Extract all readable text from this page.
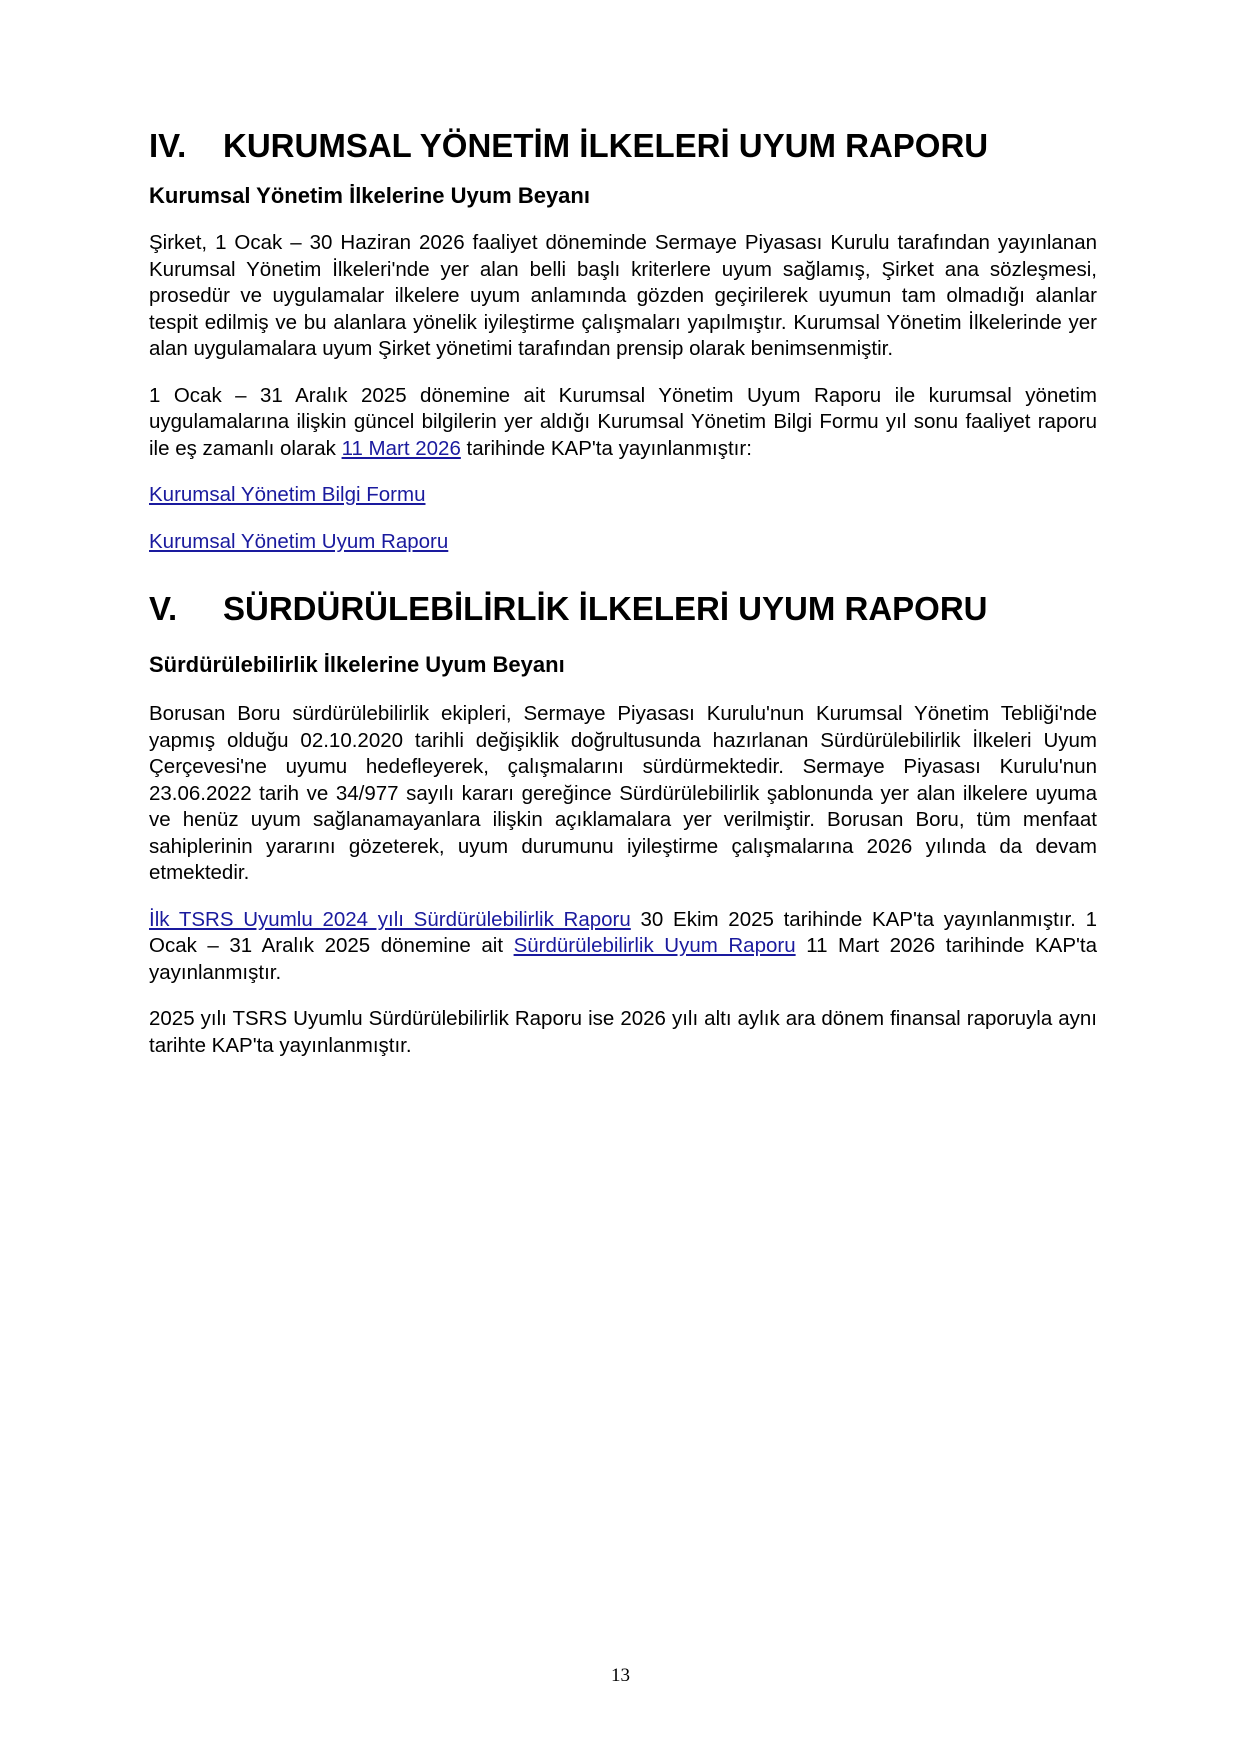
IV.	KURUMSAL YÖNETİM İLKELERİ UYUM RAPORU
Kurumsal Yönetim İlkelerine Uyum Beyanı

Şirket, 1 Ocak – 30 Haziran 2026 faaliyet döneminde Sermaye Piyasası Kurulu tarafından yayınlanan Kurumsal Yönetim İlkeleri'nde yer alan belli başlı kriterlere uyum sağlamış, Şirket ana sözleşmesi, prosedür ve uygulamalar ilkelere uyum anlamında gözden geçirilerek uyumun tam olmadığı alanlar tespit edilmiş ve bu alanlara yönelik iyileştirme çalışmaları yapılmıştır. Kurumsal Yönetim İlkelerinde yer alan uygulamalara uyum Şirket yönetimi tarafından prensip olarak benimsenmiştir.

1 Ocak – 31 Aralık 2025 dönemine ait Kurumsal Yönetim Uyum Raporu ile kurumsal yönetim uygulamalarına ilişkin güncel bilgilerin yer aldığı Kurumsal Yönetim Bilgi Formu yıl sonu faaliyet raporu ile eş zamanlı olarak 11 Mart 2026 tarihinde KAP'ta yayınlanmıştır:

Kurumsal Yönetim Bilgi Formu

Kurumsal Yönetim Uyum Raporu

V.	SÜRDÜRÜLEBİLİRLİK İLKELERİ UYUM RAPORU
Sürdürülebilirlik İlkelerine Uyum Beyanı

Borusan Boru sürdürülebilirlik ekipleri, Sermaye Piyasası Kurulu'nun Kurumsal Yönetim Tebliği'nde yapmış olduğu 02.10.2020 tarihli değişiklik doğrultusunda hazırlanan Sürdürülebilirlik İlkeleri Uyum Çerçevesi'ne uyumu hedefleyerek, çalışmalarını sürdürmektedir. Sermaye Piyasası Kurulu'nun 23.06.2022 tarih ve 34/977 sayılı kararı gereğince Sürdürülebilirlik şablonunda yer alan ilkelere uyuma ve henüz uyum sağlanamayanlara ilişkin açıklamalara yer verilmiştir. Borusan Boru, tüm menfaat sahiplerinin yararını gözeterek, uyum durumunu iyileştirme çalışmalarına 2026 yılında da devam etmektedir.

İlk TSRS Uyumlu 2024 yılı Sürdürülebilirlik Raporu 30 Ekim 2025 tarihinde KAP'ta yayınlanmıştır. 1 Ocak – 31 Aralık 2025 dönemine ait Sürdürülebilirlik Uyum Raporu 11 Mart 2026 tarihinde KAP'ta yayınlanmıştır.

2025 yılı TSRS Uyumlu Sürdürülebilirlik Raporu ise 2026 yılı altı aylık ara dönem finansal raporuyla aynı tarihte KAP'ta yayınlanmıştır.

13
